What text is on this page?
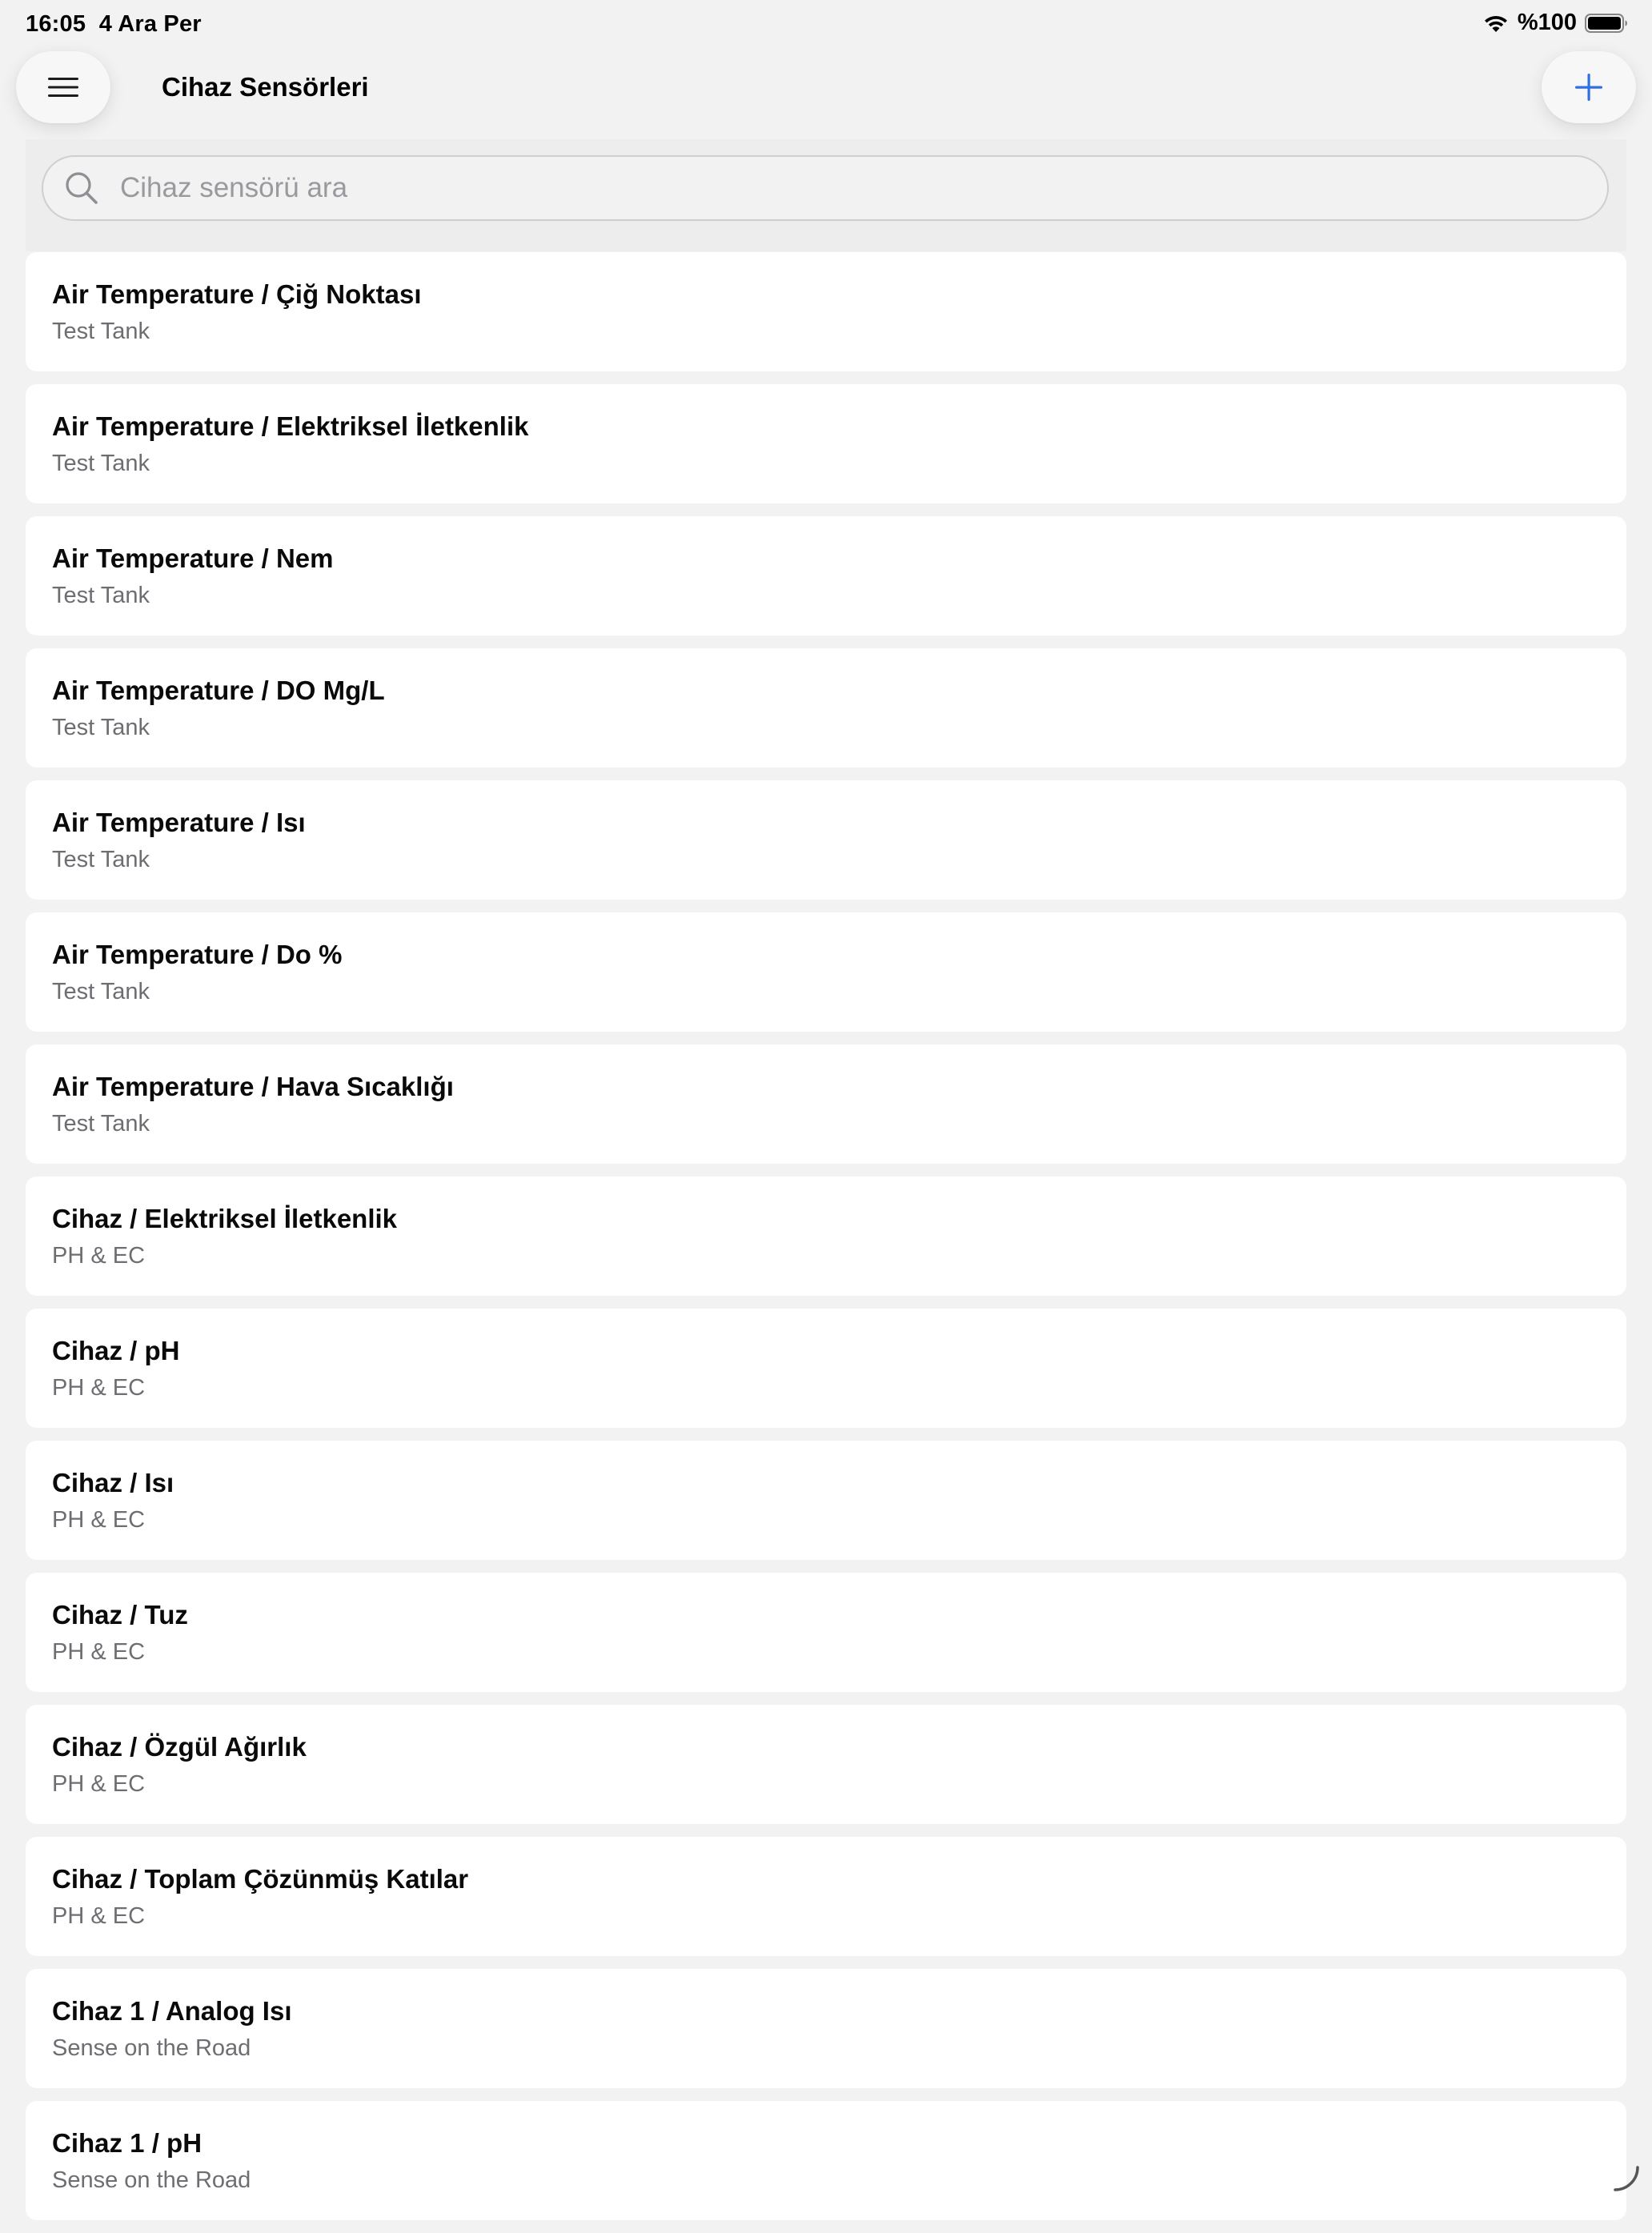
16:05 4 Ara Per	%100
Cihaz Sensörleri
Cihaz sensörü ara
Air Temperature / Çiğ Noktası
Test Tank
Air Temperature / Elektriksel İletkenlik
Test Tank
Air Temperature / Nem
Test Tank
Air Temperature / DO Mg/L
Test Tank
Air Temperature / Isı
Test Tank
Air Temperature / Do %
Test Tank
Air Temperature / Hava Sıcaklığı
Test Tank
Cihaz / Elektriksel İletkenlik
PH & EC
Cihaz / pH
PH & EC
Cihaz / Isı
PH & EC
Cihaz / Tuz
PH & EC
Cihaz / Özgül Ağırlık
PH & EC
Cihaz / Toplam Çözünmüş Katılar
PH & EC
Cihaz 1 / Analog Isı
Sense on the Road
Cihaz 1 / pH
Sense on the Road
